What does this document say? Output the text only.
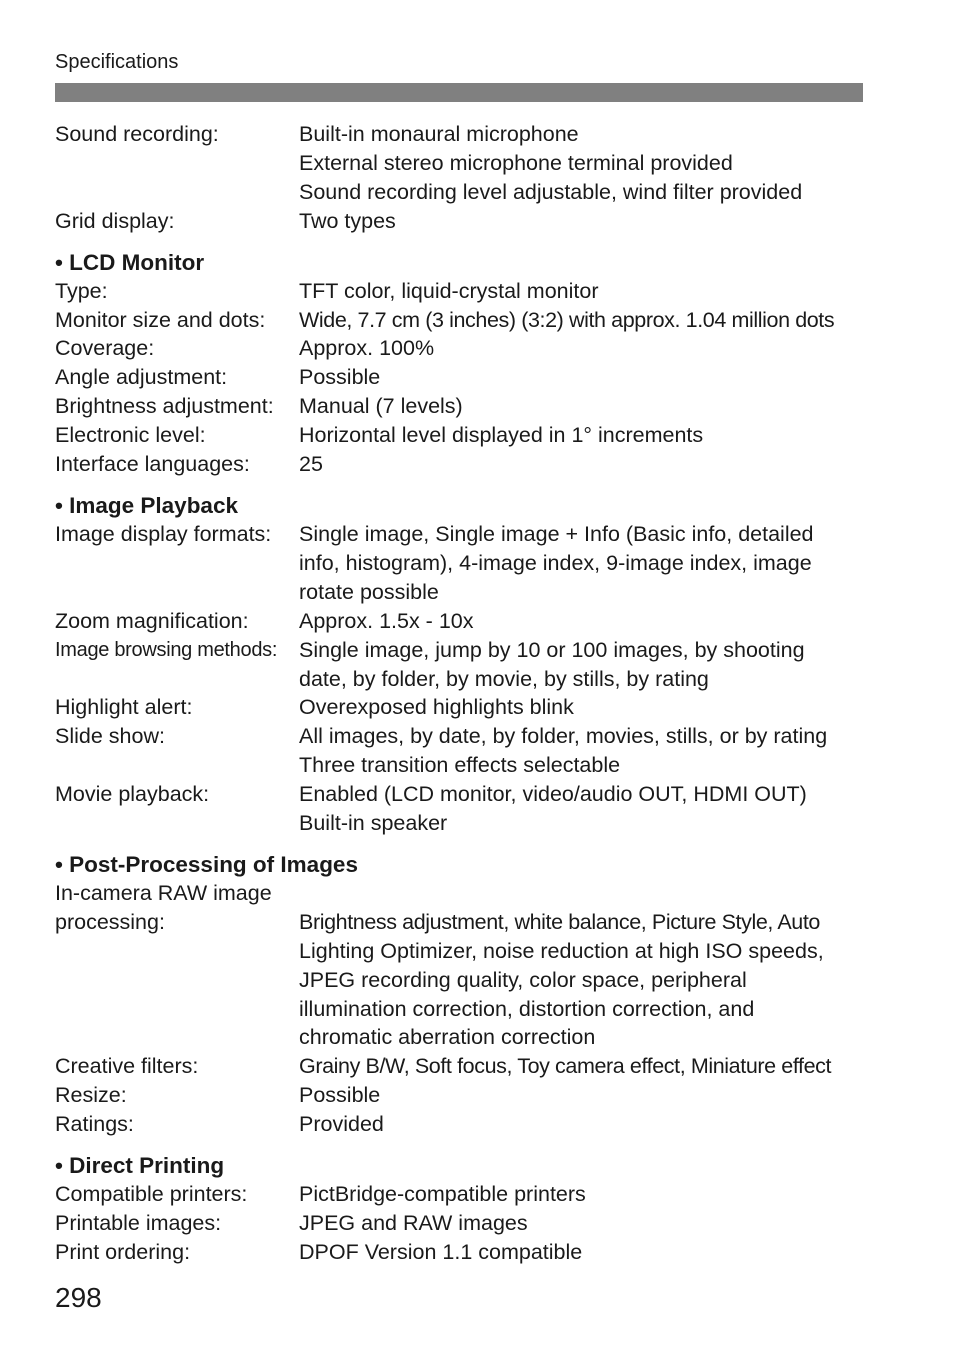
Specifications
Sound recording:	Built-in monaural microphone
External stereo microphone terminal provided
Sound recording level adjustable, wind filter provided
Grid display:	Two types
• LCD Monitor
Type:	TFT color, liquid-crystal monitor
Monitor size and dots:	Wide, 7.7 cm (3 inches) (3:2) with approx. 1.04 million dots
Coverage:	Approx. 100%
Angle adjustment:	Possible
Brightness adjustment:	Manual (7 levels)
Electronic level:	Horizontal level displayed in 1° increments
Interface languages:	25
• Image Playback
Image display formats:	Single image, Single image + Info (Basic info, detailed
info, histogram), 4-image index, 9-image index, image
rotate possible
Zoom magnification:	Approx. 1.5x - 10x
Image browsing methods:	Single image, jump by 10 or 100 images, by shooting
date, by folder, by movie, by stills, by rating
Highlight alert:	Overexposed highlights blink
Slide show:	All images, by date, by folder, movies, stills, or by rating
Three transition effects selectable
Movie playback:	Enabled (LCD monitor, video/audio OUT, HDMI OUT)
Built-in speaker
• Post-Processing of Images
In-camera RAW image
processing:	Brightness adjustment, white balance, Picture Style, Auto
Lighting Optimizer, noise reduction at high ISO speeds,
JPEG recording quality, color space, peripheral
illumination correction, distortion correction, and
chromatic aberration correction
Creative filters:	Grainy B/W, Soft focus, Toy camera effect, Miniature effect
Resize:	Possible
Ratings:	Provided
• Direct Printing
Compatible printers:	PictBridge-compatible printers
Printable images:	JPEG and RAW images
Print ordering:	DPOF Version 1.1 compatible
298
